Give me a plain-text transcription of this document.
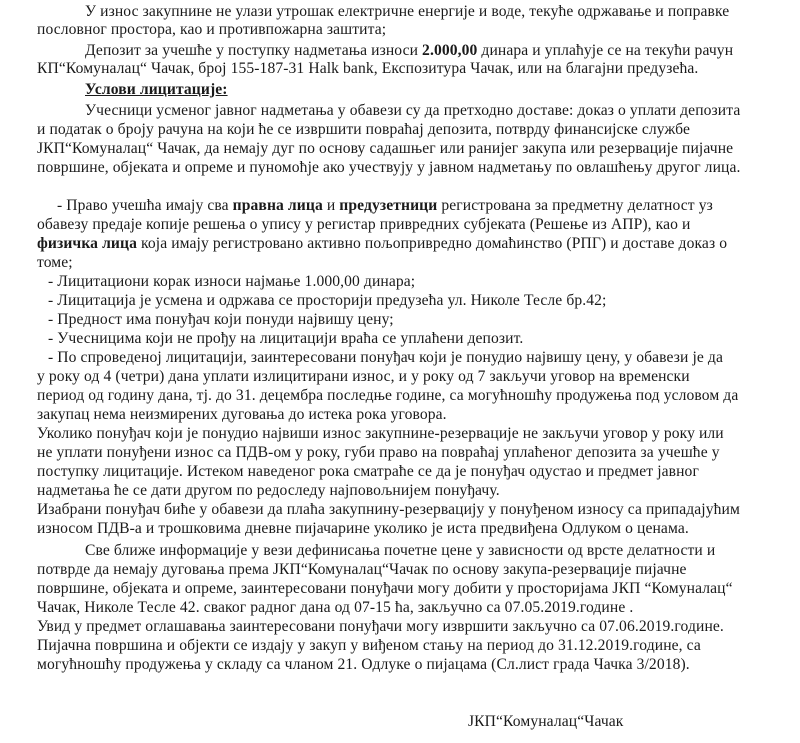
У износ закупнине не улази утрошак електричне енергије и воде, текуће одржавање и поправке
пословног простора, као и противпожарна заштита;
Депозит за учешће у поступку надметања износи 2.000,00 динара и уплаћује се на текући рачун
КП“Комуналац“ Чачак, број 155-187-31 Halk bank, Експозитура Чачак, или на благајни предузећа.
Услови лицитације:
Учесници усменог јавног надметања у обавези су да претходно доставе: доказ о уплати депозита
и податак о броју рачуна на који ће се извршити повраћај депозита, потврду финансијске службе
ЈКП“Комуналац“ Чачак, да немају дуг по основу садашњег или ранијег закупа или резервације пијачне
површине, објеката и опреме и пуномоћје ако учествују у јавном надметању по овлашћењу другог лица.
- Право учешћа имају сва правна лица и предузетници регистрована за предметну делатност уз
обавезу предаје копије решења о упису у регистар привредних субјеката (Решење из АПР), као и
физичка лица која имају регистровано активно пољопривредно домаћинство (РПГ) и доставе доказ о
томе;
- Лицитациони корак износи најмање 1.000,00 динара;
- Лицитација је усмена и одржава се просторији предузећа ул. Николе Тесле бр.42;
- Предност има понуђач који понуди највишу цену;
- Учесницима који не прођу на лицитацији враћа се уплаћени депозит.
- По спроведеној лицитацији, заинтересовани понуђач који је понудио највишу цену, у обавези је да
у року од 4 (четри) дана уплати излицитирани износ, и у року од 7 закључи уговор на временски
период од годину дана, тј. до 31. децембра последње године, са могућношћу продужења под условом да
закупац нема неизмирених дуговања до истека рока уговора.
Уколико понуђач који је понудио највиши износ закупнине-резервације не закључи уговор у року или
не уплати понуђени износ са ПДВ-ом у року, губи право на повраћај уплаћеног депозита за учешће у
поступку лицитације. Истеком наведеног рока сматраће се да је понуђач одустао и предмет јавног
надметања ће се дати другом по редоследу најповољнијем понуђачу.
Изабрани понуђач биће у обавези да плаћа закупнину-резервацију у понуђеном износу са припадајућим
износом ПДВ-а и трошковима дневне пијачарине уколико је иста предвиђена Одлуком о ценама.
Све ближе информације у вези дефинисања почетне цене у зависности од врсте делатности и
потврде да немају дуговања према ЈКП“Комуналац“Чачак по основу закупа-резервације пијачне
површине, објеката и опреме, заинтересовани понуђачи могу добити у просторијама ЈКП “Комуналац“
Чачак, Николе Тесле 42. сваког радног дана од 07-15 ћа, закључно са 07.05.2019.године .
Увид у предмет оглашавања заинтересовани понуђачи могу извршити закључно са 07.06.2019.године.
Пијачна површина и објекти се издају у закуп у виђеном стању на период до 31.12.2019.године, са
могућношћу продужења у складу са чланом 21. Одлуке о пијацама (Сл.лист града Чачка 3/2018).
ЈКП“Комуналац“Чачак
